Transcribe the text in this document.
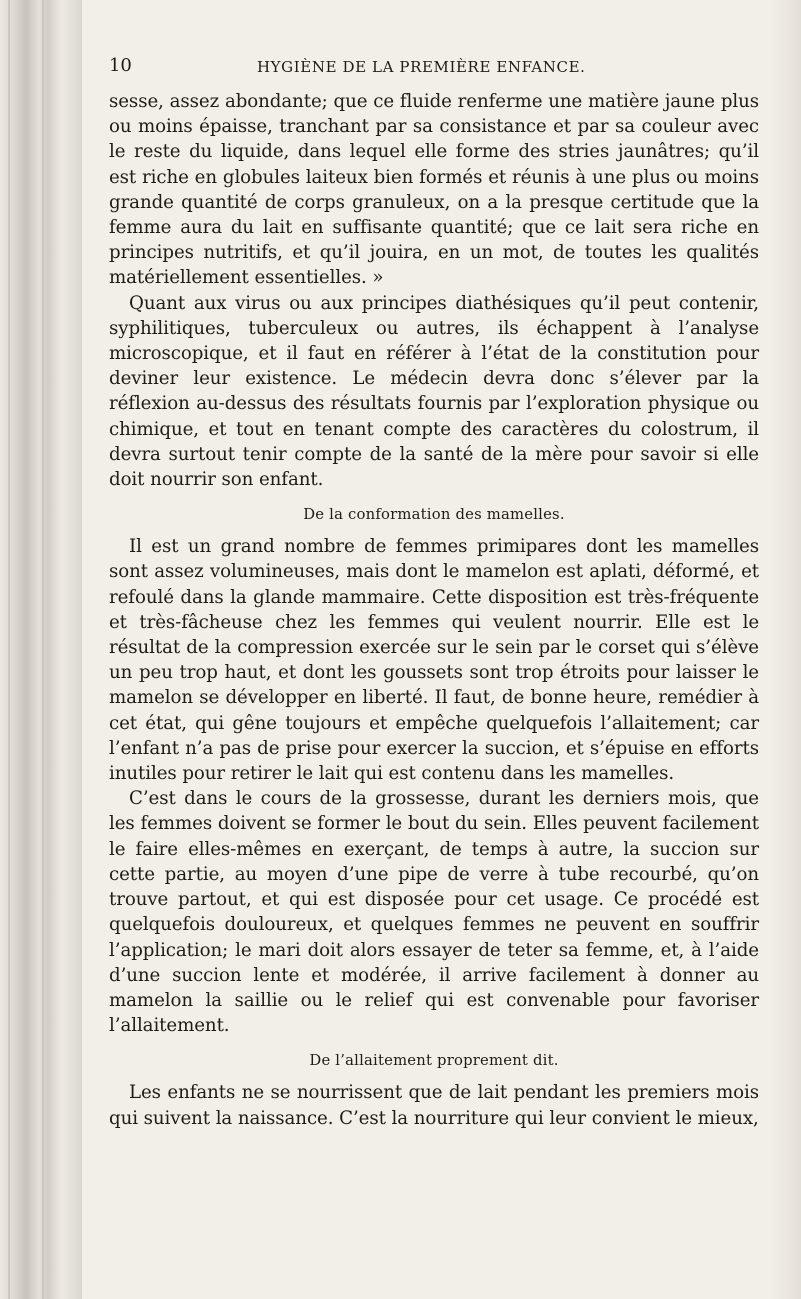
10	HYGIÈNE DE LA PREMIÈRE ENFANCE.

sesse, assez abondante; que ce fluide renferme une matière jaune plus ou moins épaisse, tranchant par sa consistance et par sa couleur avec le reste du liquide, dans lequel elle forme des stries jaunâtres; qu’il est riche en globules laiteux bien formés et réunis à une plus ou moins grande quantité de corps granuleux, on a la presque certitude que la femme aura du lait en suffisante quantité; que ce lait sera riche en principes nutritifs, et qu’il jouira, en un mot, de toutes les qualités matériellement essentielles. »

Quant aux virus ou aux principes diathésiques qu’il peut contenir, syphilitiques, tuberculeux ou autres, ils échappent à l’analyse microscopique, et il faut en référer à l’état de la constitution pour deviner leur existence. Le médecin devra donc s’élever par la réflexion au-dessus des résultats fournis par l’exploration physique ou chimique, et tout en tenant compte des caractères du colostrum, il devra surtout tenir compte de la santé de la mère pour savoir si elle doit nourrir son enfant.

De la conformation des mamelles.

Il est un grand nombre de femmes primipares dont les mamelles sont assez volumineuses, mais dont le mamelon est aplati, déformé, et refoulé dans la glande mammaire. Cette disposition est très-fréquente et très-fâcheuse chez les femmes qui veulent nourrir. Elle est le résultat de la compression exercée sur le sein par le corset qui s’élève un peu trop haut, et dont les goussets sont trop étroits pour laisser le mamelon se développer en liberté. Il faut, de bonne heure, remédier à cet état, qui gêne toujours et empêche quelquefois l’allaitement; car l’enfant n’a pas de prise pour exercer la succion, et s’épuise en efforts inutiles pour retirer le lait qui est contenu dans les mamelles.

C’est dans le cours de la grossesse, durant les derniers mois, que les femmes doivent se former le bout du sein. Elles peuvent facilement le faire elles-mêmes en exerçant, de temps à autre, la succion sur cette partie, au moyen d’une pipe de verre à tube recourbé, qu’on trouve partout, et qui est disposée pour cet usage. Ce procédé est quelquefois douloureux, et quelques femmes ne peuvent en souffrir l’application; le mari doit alors essayer de teter sa femme, et, à l’aide d’une succion lente et modérée, il arrive facilement à donner au mamelon la saillie ou le relief qui est convenable pour favoriser l’allaitement.

De l’allaitement proprement dit.

Les enfants ne se nourrissent que de lait pendant les premiers mois qui suivent la naissance. C’est la nourriture qui leur convient le mieux,
